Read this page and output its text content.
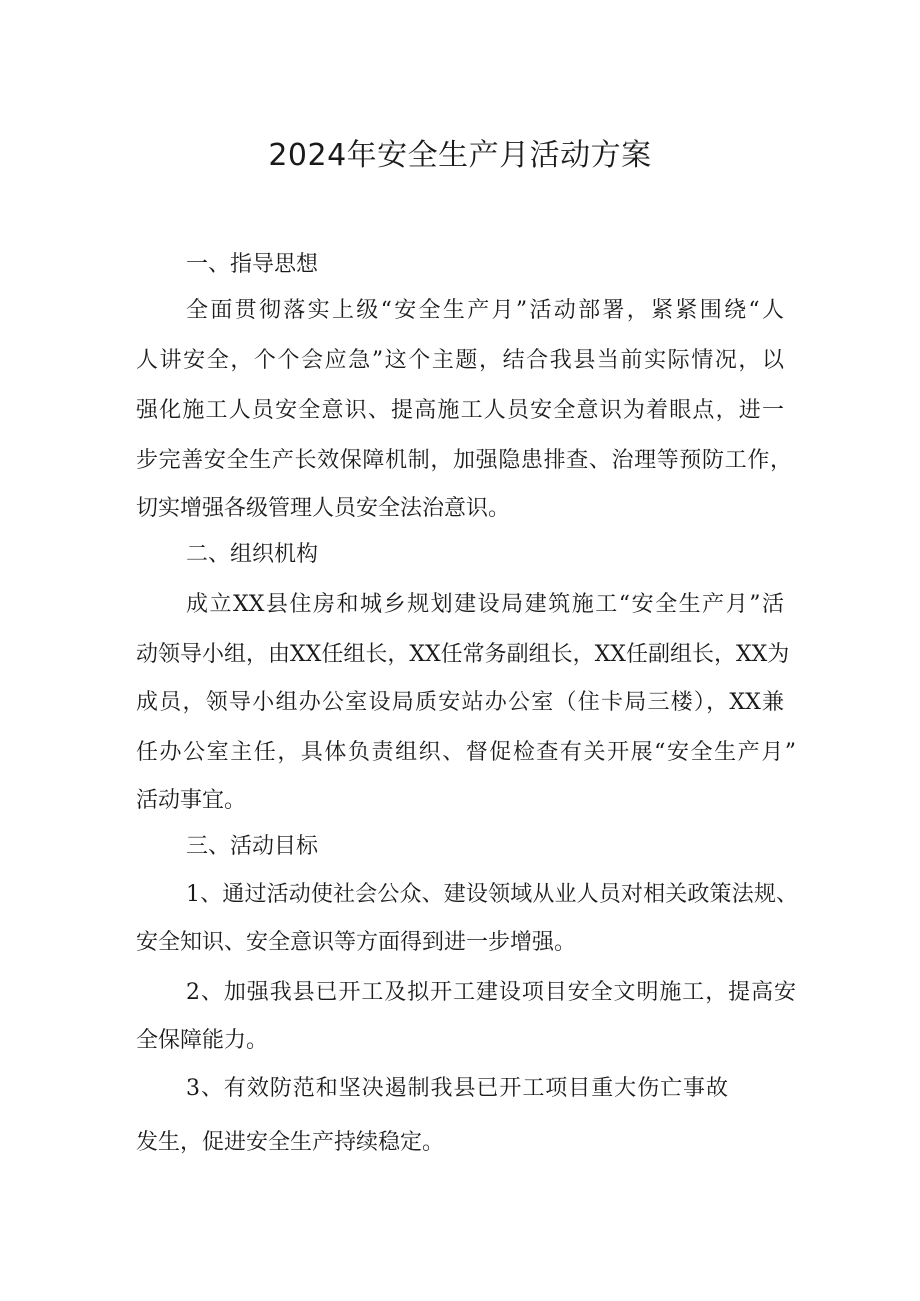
2024年安全生产月活动方案

一、指导思想

全面贯彻落实上级“安全生产月”活动部署，紧紧围绕“人

人讲安全，个个会应急”这个主题，结合我县当前实际情况，以

强化施工人员安全意识、提高施工人员安全意识为着眼点，进一

步完善安全生产长效保障机制，加强隐患排查、治理等预防工作，

切实增强各级管理人员安全法治意识。

二、组织机构

成立XX县住房和城乡规划建设局建筑施工“安全生产月”活

动领导小组，由XX任组长，XX任常务副组长，XX任副组长，XX为

成员，领导小组办公室设局质安站办公室（住卡局三楼），XX兼

任办公室主任，具体负责组织、督促检查有关开展“安全生产月”

活动事宜。

三、活动目标

1、通过活动使社会公众、建设领域从业人员对相关政策法规、

安全知识、安全意识等方面得到进一步增强。

2、加强我县已开工及拟开工建设项目安全文明施工，提高安

全保障能力。

3、有效防范和坚决遏制我县已开工项目重大伤亡事故

发生，促进安全生产持续稳定。
